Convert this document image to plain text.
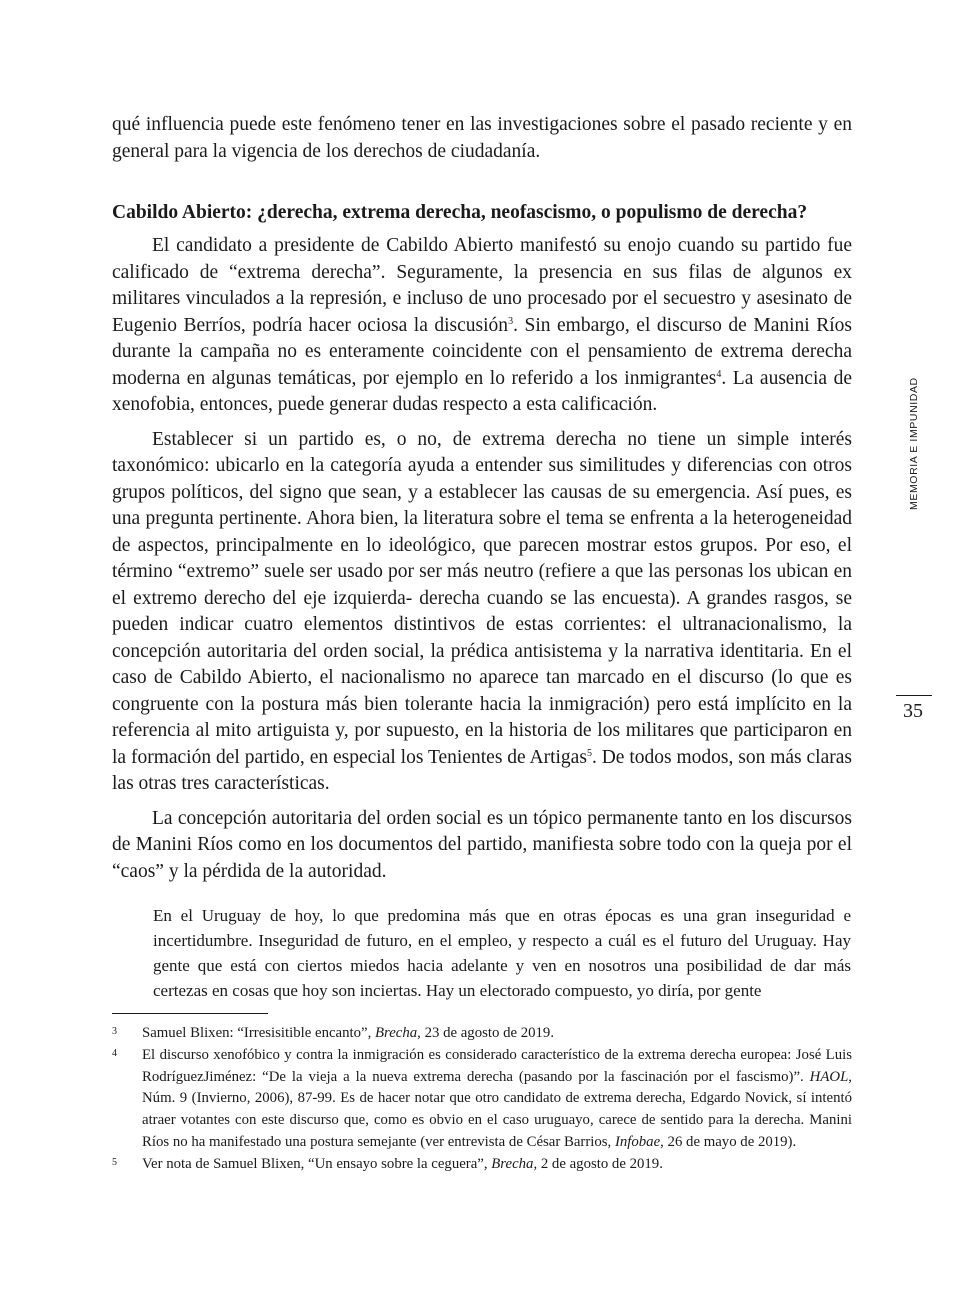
qué influencia puede este fenómeno tener en las investigaciones sobre el pasado reciente y en general para la vigencia de los derechos de ciudadanía.

Cabildo Abierto: ¿derecha, extrema derecha, neofascismo, o populismo de derecha?

El candidato a presidente de Cabildo Abierto manifestó su enojo cuando su partido fue calificado de “extrema derecha”. Seguramente, la presencia en sus filas de algunos ex militares vinculados a la represión, e incluso de uno procesado por el secuestro y asesinato de Eugenio Berríos, podría hacer ociosa la discusión$^3$. Sin embargo, el discurso de Manini Ríos durante la campaña no es enteramente coincidente con el pensamiento de extrema derecha moderna en algunas temáticas, por ejemplo en lo referido a los inmigrantes$^4$. La ausencia de xenofobia, entonces, puede generar dudas respecto a esta calificación.

Establecer si un partido es, o no, de extrema derecha no tiene un simple interés taxonómico: ubicarlo en la categoría ayuda a entender sus similitudes y diferencias con otros grupos políticos, del signo que sean, y a establecer las causas de su emergencia. Así pues, es una pregunta pertinente. Ahora bien, la literatura sobre el tema se enfrenta a la heterogeneidad de aspectos, principalmente en lo ideológico, que parecen mostrar estos grupos. Por eso, el término “extremo” suele ser usado por ser más neutro (refiere a que las personas los ubican en el extremo derecho del eje izquierda- derecha cuando se las encuesta). A grandes rasgos, se pueden indicar cuatro elementos distintivos de estas corrientes: el ultranacionalismo, la concepción autoritaria del orden social, la prédica antisistema y la narrativa identitaria. En el caso de Cabildo Abierto, el nacionalismo no aparece tan marcado en el discurso (lo que es congruente con la postura más bien tolerante hacia la inmigración) pero está implícito en la referencia al mito artiguista y, por supuesto, en la historia de los militares que participaron en la formación del partido, en especial los Tenientes de Artigas$^5$. De todos modos, son más claras las otras tres características.

La concepción autoritaria del orden social es un tópico permanente tanto en los discursos de Manini Ríos como en los documentos del partido, manifiesta sobre todo con la queja por el “caos” y la pérdida de la autoridad.

En el Uruguay de hoy, lo que predomina más que en otras épocas es una gran inseguridad e incertidumbre. Inseguridad de futuro, en el empleo, y respecto a cuál es el futuro del Uruguay. Hay gente que está con ciertos miedos hacia adelante y ven en nosotros una posibilidad de dar más certezas en cosas que hoy son inciertas. Hay un electorado compuesto, yo diría, por gente

3 Samuel Blixen: “Irresisitible encanto”, Brecha, 23 de agosto de 2019.
4 El discurso xenofóbico y contra la inmigración es considerado característico de la extrema derecha europea: José Luis RodríguezJiménez: “De la vieja a la nueva extrema derecha (pasando por la fascinación por el fascismo)”. HAOL, Núm. 9 (Invierno, 2006), 87-99. Es de hacer notar que otro candidato de extrema derecha, Edgardo Novick, sí intentó atraer votantes con este discurso que, como es obvio en el caso uruguayo, carece de sentido para la derecha. Manini Ríos no ha manifestado una postura semejante (ver entrevista de César Barrios, Infobae, 26 de mayo de 2019).
5 Ver nota de Samuel Blixen, “Un ensayo sobre la ceguera”, Brecha, 2 de agosto de 2019.
MEMORIA E IMPUNIDAD
35
